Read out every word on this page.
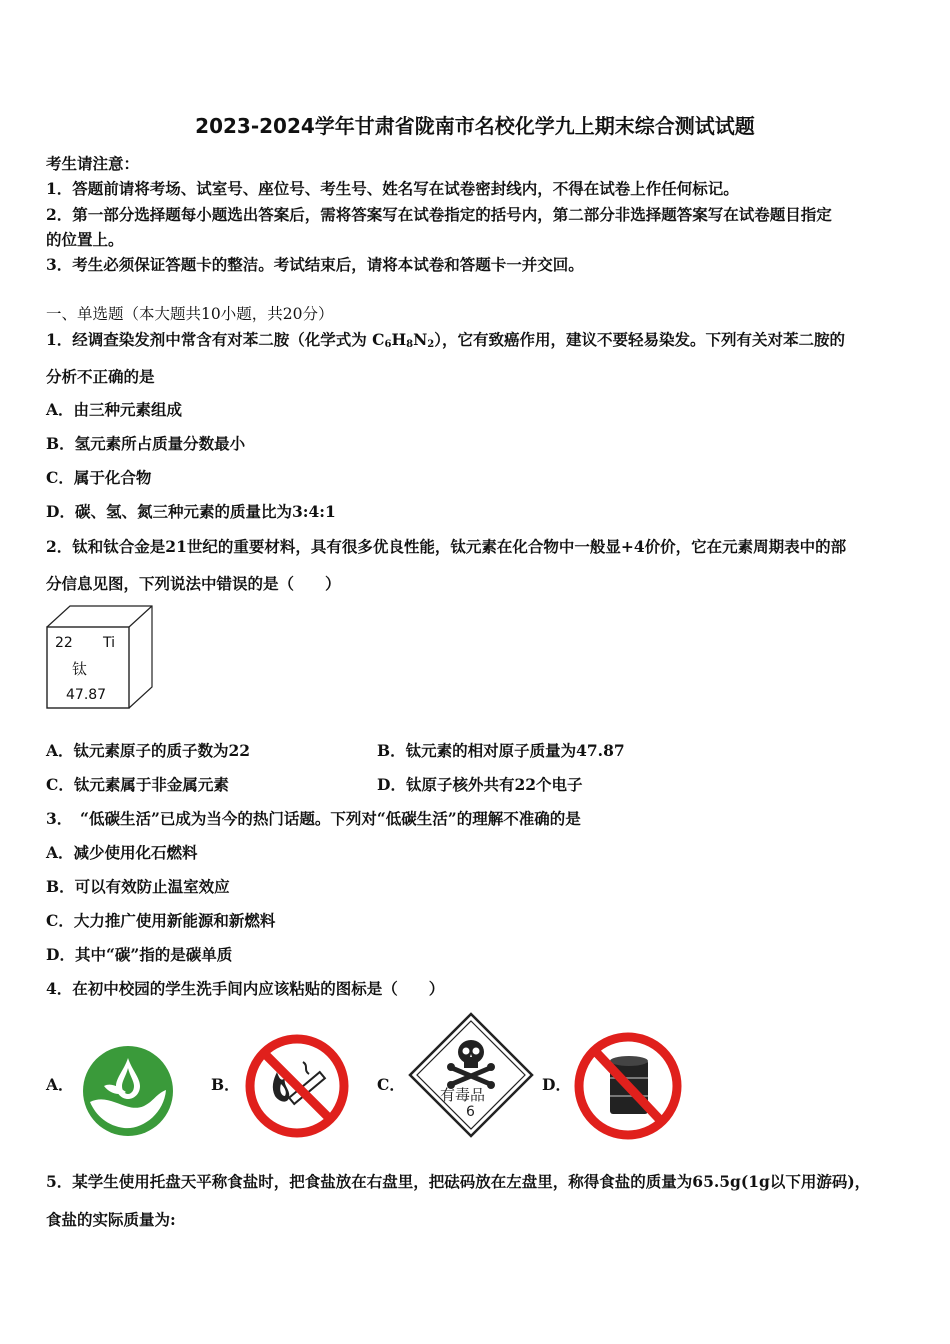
2023-2024学年甘肃省陇南市名校化学九上期末综合测试试题
考生请注意：
1．答题前请将考场、试室号、座位号、考生号、姓名写在试卷密封线内，不得在试卷上作任何标记。
2．第一部分选择题每小题选出答案后，需将答案写在试卷指定的括号内，第二部分非选择题答案写在试卷题目指定
的位置上。
3．考生必须保证答题卡的整洁。考试结束后，请将本试卷和答题卡一并交回。
一、单选题（本大题共10小题，共20分）
1．经调查染发剂中常含有对苯二胺（化学式为 $C_6H_8N_2$），它有致癌作用，建议不要轻易染发。下列有关对苯二胺的
分析不正确的是
A．由三种元素组成
B．氢元素所占质量分数最小
C．属于化合物
D．碳、氢、氮三种元素的质量比为3:4:1
2．钛和钛合金是21世纪的重要材料，具有很多优良性能，钛元素在化合物中一般显+4价价，它在元素周期表中的部
分信息见图，下列说法中错误的是（　　）
22 Ti
钛
47.87
A．钛元素原子的质子数为22	B．钛元素的相对原子质量为47.87
C．钛元素属于非金属元素	D．钛原子核外共有22个电子
3．　“低碳生活”已成为当今的热门话题。下列对“低碳生活”的理解不准确的是
A．减少使用化石燃料
B．可以有效防止温室效应
C．大力推广使用新能源和新燃料
D．其中“碳”指的是碳单质
4．在初中校园的学生洗手间内应该粘贴的图标是（　　）
A．	B．	C．
有毒品
6
D．
5．某学生使用托盘天平称食盐时，把食盐放在右盘里，把砝码放在左盘里，称得食盐的质量为65.5g(1g以下用游码)，
食盐的实际质量为:
